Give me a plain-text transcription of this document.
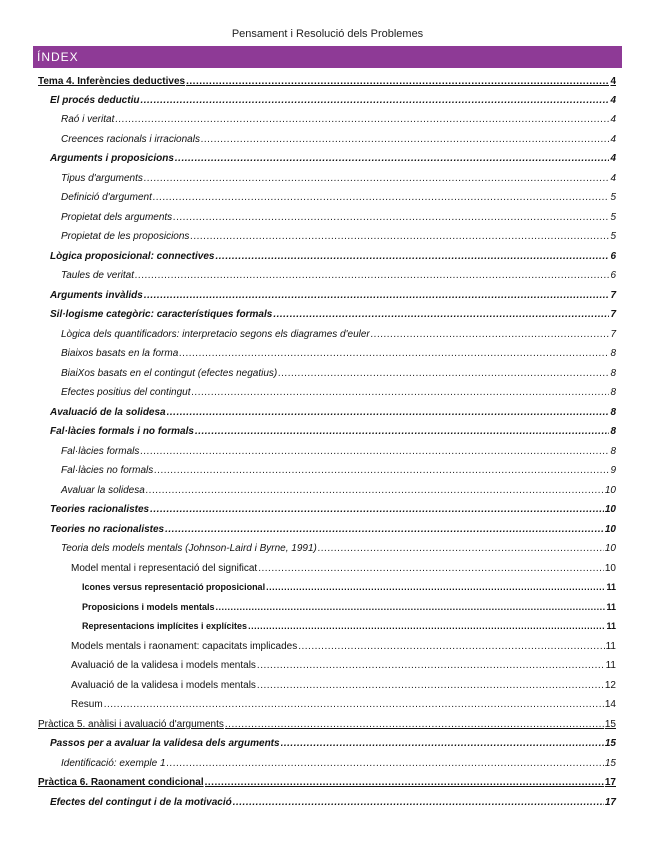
Pensament i Resolució dels Problemes
ÍNDEX
Tema 4. Inferències deductives .....	4
El procés deductiu .....	4
Raó i veritat .....	4
Creences racionals i irracionals .....	4
Arguments i proposicions .....	4
Tipus d'arguments .....	4
Definició d'argument .....	5
Propietat dels arguments .....	5
Propietat de les proposicions .....	5
Lògica proposicional: connectives .....	6
Taules de veritat .....	6
Arguments invàlids .....	7
Sil·logisme categòric: característiques formals .....	7
Lògica dels quantificadors: interpretacio segons els diagrames d'euler .....	7
Biaixos basats en la forma .....	8
BiaiXos basats en el contingut (efectes negatius) .....	8
Efectes positius del contingut .....	8
Avaluació de la solidesa .....	8
Fal·làcies formals i no formals .....	8
Fal·làcies formals .....	8
Fal·làcies no formals .....	9
Avaluar la solidesa .....	10
Teories racionalistes .....	10
Teories no racionalistes .....	10
Teoria dels models mentals (Johnson-Laird i Byrne, 1991) .....	10
Model mental i representació del significat .....	10
Icones versus representació proposicional .....	11
Proposicions i models mentals .....	11
Representacions implícites i explícites .....	11
Models mentals i raonament: capacitats implicades .....	11
Avaluació de la validesa i models mentals .....	11
Avaluació de la validesa i models mentals .....	12
Resum .....	14
Pràctica 5. anàlisi i avaluació d'arguments .....	15
Passos per a avaluar la validesa dels arguments .....	15
Identificació: exemple 1 .....	15
Pràctica 6. Raonament condicional .....	17
Efectes del contingut i de la motivació .....	17
